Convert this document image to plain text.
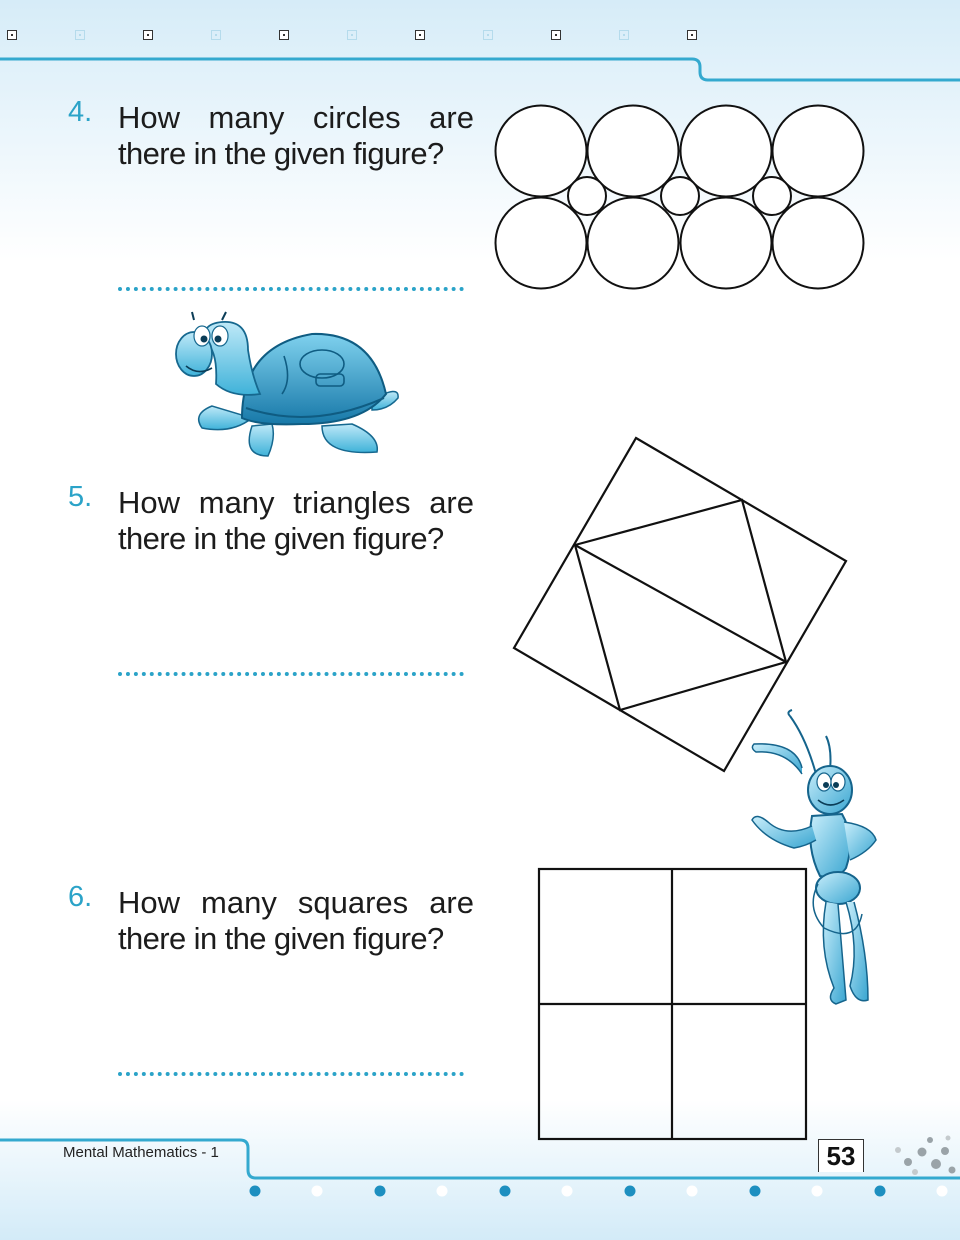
4. How many circles are
there in the given figure?
5. How many triangles are
there in the given figure?
6. How many squares are
there in the given figure?
Mental Mathematics - 1	53
